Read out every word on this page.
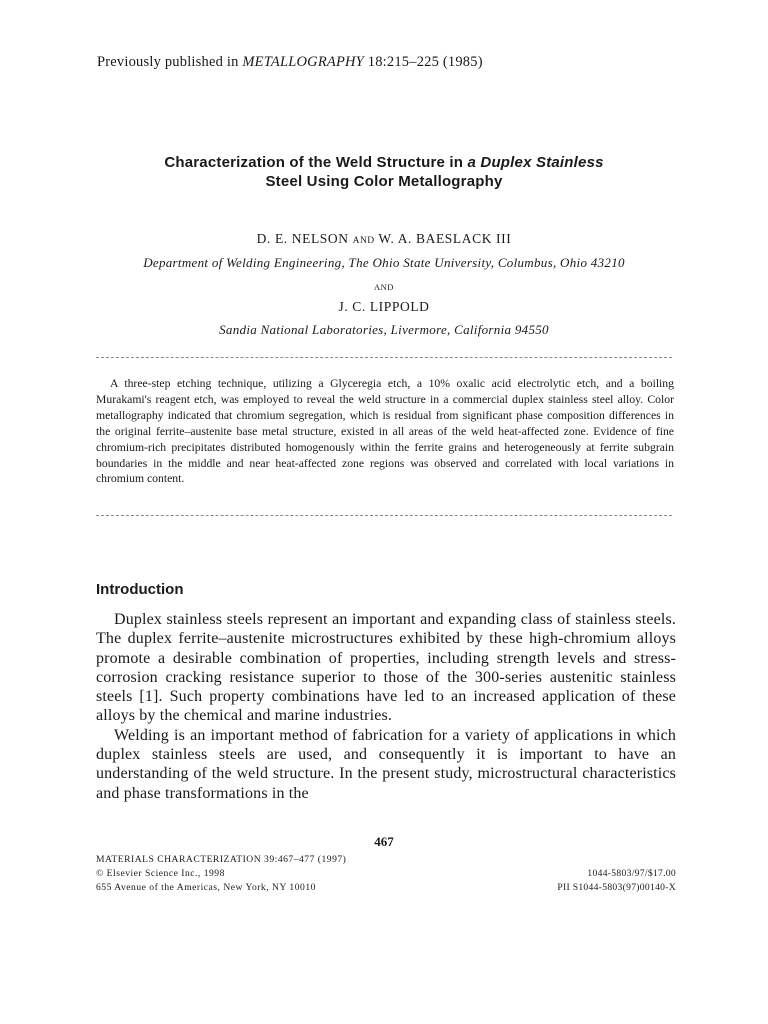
Previously published in METALLOGRAPHY 18:215–225 (1985)
Characterization of the Weld Structure in a Duplex Stainless
Steel Using Color Metallography
D. E. NELSON AND W. A. BAESLACK III
Department of Welding Engineering, The Ohio State University, Columbus, Ohio 43210
AND
J. C. LIPPOLD
Sandia National Laboratories, Livermore, California 94550

A three-step etching technique, utilizing a Glyceregia etch, a 10% oxalic acid electrolytic etch, and a boiling Murakami's reagent etch, was employed to reveal the weld structure in a commercial duplex stainless steel alloy. Color metallography indicated that chromium segregation, which is residual from significant phase composition differences in the original ferrite–austenite base metal structure, existed in all areas of the weld heat-affected zone. Evidence of fine chromium-rich precipitates distributed homogenously within the ferrite grains and heterogeneously at ferrite subgrain boundaries in the middle and near heat-affected zone regions was observed and correlated with local variations in chromium content.

Introduction

Duplex stainless steels represent an important and expanding class of stainless steels. The duplex ferrite–austenite microstructures exhibited by these high-chromium alloys promote a desirable combination of properties, including strength levels and stress-corrosion cracking resistance superior to those of the 300-series austenitic stainless steels [1]. Such property combinations have led to an increased application of these alloys by the chemical and marine industries.

Welding is an important method of fabrication for a variety of applications in which duplex stainless steels are used, and consequently it is important to have an understanding of the weld structure. In the present study, microstructural characteristics and phase transformations in the

467
MATERIALS CHARACTERIZATION 39:467–477 (1997)
© Elsevier Science Inc., 1998	1044-5803/97/$17.00
655 Avenue of the Americas, New York, NY 10010	PII S1044-5803(97)00140-X
